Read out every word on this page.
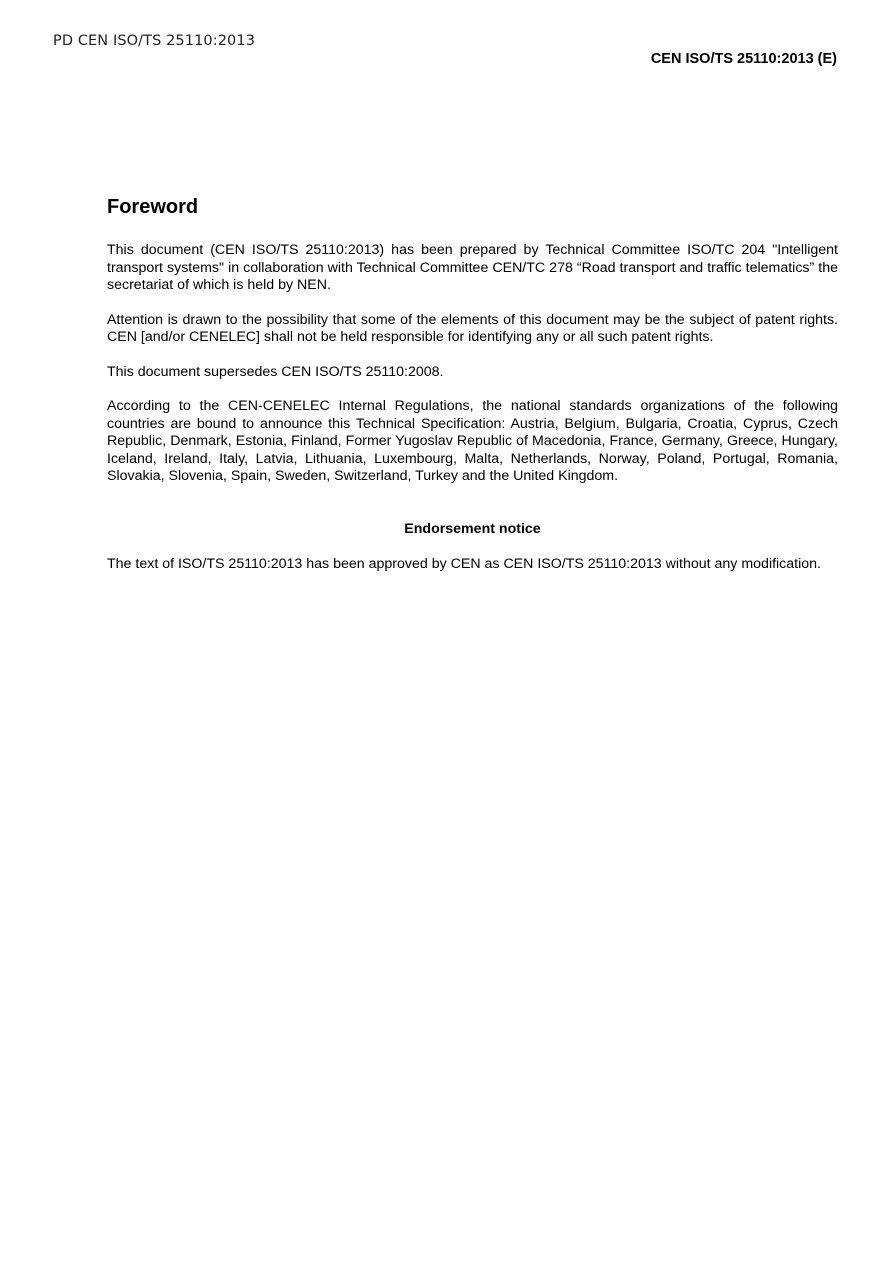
PD CEN ISO/TS 25110:2013
CEN ISO/TS 25110:2013 (E)
Foreword

This document (CEN ISO/TS 25110:2013) has been prepared by Technical Committee ISO/TC 204 "Intelligent transport systems" in collaboration with Technical Committee CEN/TC 278 “Road transport and traffic telematics” the secretariat of which is held by NEN.

Attention is drawn to the possibility that some of the elements of this document may be the subject of patent rights. CEN [and/or CENELEC] shall not be held responsible for identifying any or all such patent rights.

This document supersedes CEN ISO/TS 25110:2008.

According to the CEN-CENELEC Internal Regulations, the national standards organizations of the following countries are bound to announce this Technical Specification: Austria, Belgium, Bulgaria, Croatia, Cyprus, Czech Republic, Denmark, Estonia, Finland, Former Yugoslav Republic of Macedonia, France, Germany, Greece, Hungary, Iceland, Ireland, Italy, Latvia, Lithuania, Luxembourg, Malta, Netherlands, Norway, Poland, Portugal, Romania, Slovakia, Slovenia, Spain, Sweden, Switzerland, Turkey and the United Kingdom.

Endorsement notice

The text of ISO/TS 25110:2013 has been approved by CEN as CEN ISO/TS 25110:2013 without any modification.
